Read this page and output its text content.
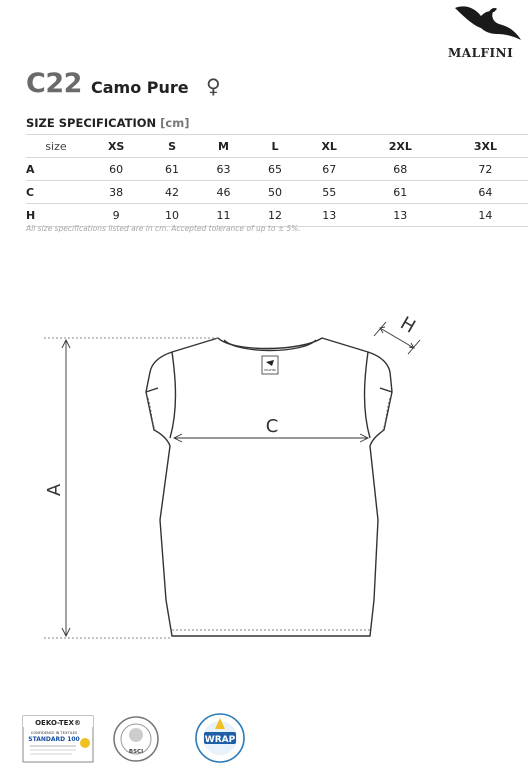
MALFINI
C22 Camo Pure ♀
SIZE SPECIFICATION [cm]
size	XS	S	M	L	XL	2XL	3XL
A	60	61	63	65	67	68	72
C	38	42	46	50	55	61	64
H	9	10	11	12	13	13	14
All size specifications listed are in cm. Accepted tolerance of up to ± 5%.
MALFINI
A
C
H
OEKO-TEX®
CONFIDENCE IN TEXTILES
STANDARD 100
BSCI
WRAP
